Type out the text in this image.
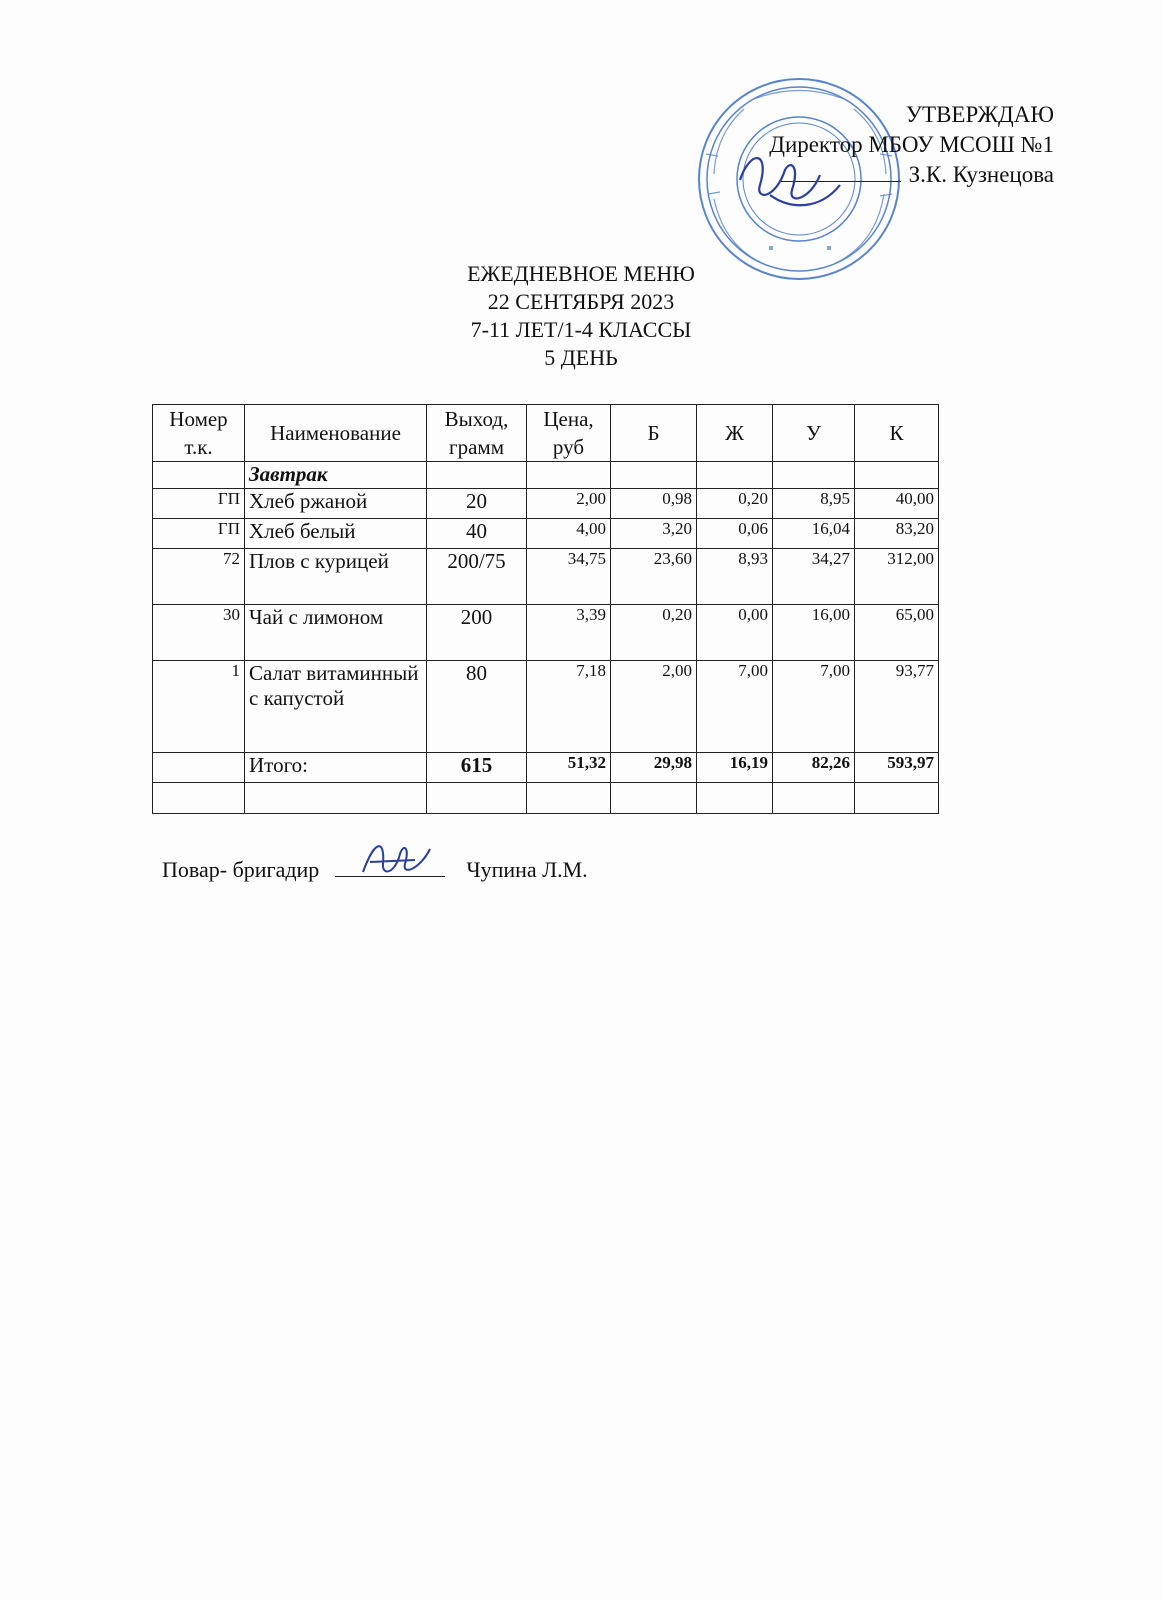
УТВЕРЖДАЮ
Директор МБОУ МСОШ №1
З.К. Кузнецова
ЕЖЕДНЕВНОЕ МЕНЮ
22 СЕНТЯБРЯ 2023
7-11 ЛЕТ/1-4 КЛАССЫ
5 ДЕНЬ
Номер т.к.	Наименование	Выход, грамм	Цена, руб	Б	Ж	У	К
	Завтрак						
ГП	Хлеб ржаной	20	2,00	0,98	0,20	8,95	40,00
ГП	Хлеб белый	40	4,00	3,20	0,06	16,04	83,20
72	Плов с курицей	200/75	34,75	23,60	8,93	34,27	312,00
30	Чай с лимоном	200	3,39	0,20	0,00	16,00	65,00
1	Салат витаминный с капустой	80	7,18	2,00	7,00	7,00	93,77
	Итого:	615	51,32	29,98	16,19	82,26	593,97

Повар- бригадир	Чупина Л.М.
